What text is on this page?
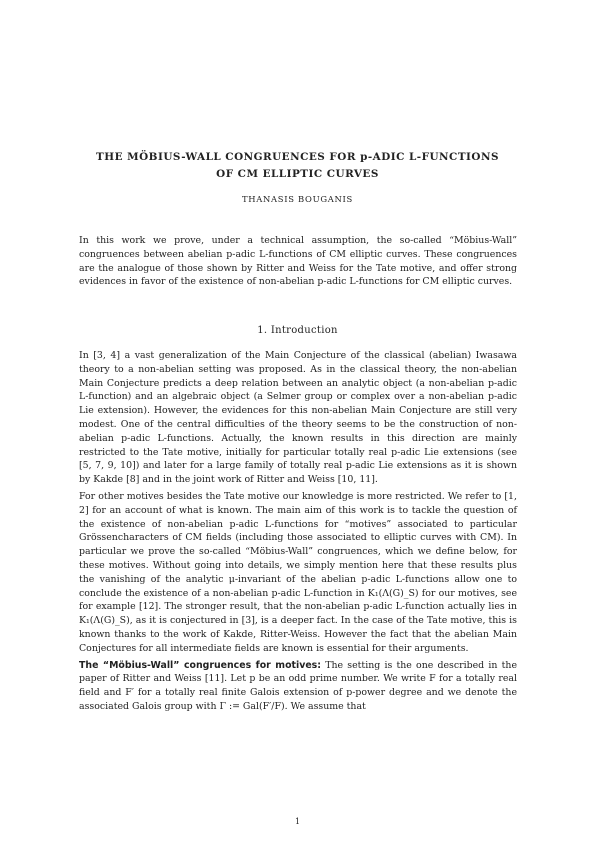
THE MÖBIUS-WALL CONGRUENCES FOR p-ADIC L-FUNCTIONS
OF CM ELLIPTIC CURVES
THANASIS BOUGANIS
In this work we prove, under a technical assumption, the so-called “Möbius-Wall” congruences between abelian p-adic L-functions of CM elliptic curves. These congruences are the analogue of those shown by Ritter and Weiss for the Tate motive, and offer strong evidences in favor of the existence of non-abelian p-adic L-functions for CM elliptic curves.
1. Introduction

In [3, 4] a vast generalization of the Main Conjecture of the classical (abelian) Iwasawa theory to a non-abelian setting was proposed. As in the classical theory, the non-abelian Main Conjecture predicts a deep relation between an analytic object (a non-abelian p-adic L-function) and an algebraic object (a Selmer group or complex over a non-abelian p-adic Lie extension). However, the evidences for this non-abelian Main Conjecture are still very modest. One of the central difficulties of the theory seems to be the construction of non-abelian p-adic L-functions. Actually, the known results in this direction are mainly restricted to the Tate motive, initially for particular totally real p-adic Lie extensions (see [5, 7, 9, 10]) and later for a large family of totally real p-adic Lie extensions as it is shown by Kakde [8] and in the joint work of Ritter and Weiss [10, 11].

For other motives besides the Tate motive our knowledge is more restricted. We refer to [1, 2] for an account of what is known. The main aim of this work is to tackle the question of the existence of non-abelian p-adic L-functions for “motives” associated to particular Grössencharacters of CM fields (including those associated to elliptic curves with CM). In particular we prove the so-called “Möbius-Wall” congruences, which we define below, for these motives. Without going into details, we simply mention here that these results plus the vanishing of the analytic μ-invariant of the abelian p-adic L-functions allow one to conclude the existence of a non-abelian p-adic L-function in K₁(Λ(G)_S) for our motives, see for example [12]. The stronger result, that the non-abelian p-adic L-function actually lies in K₁(Λ(G)_S), as it is conjectured in [3], is a deeper fact. In the case of the Tate motive, this is known thanks to the work of Kakde, Ritter-Weiss. However the fact that the abelian Main Conjectures for all intermediate fields are known is essential for their arguments.

The “Möbius-Wall” congruences for motives: The setting is the one described in the paper of Ritter and Weiss [11]. Let p be an odd prime number. We write F for a totally real field and F′ for a totally real finite Galois extension of p-power degree and we denote the associated Galois group with Γ := Gal(F′/F). We assume that

1
